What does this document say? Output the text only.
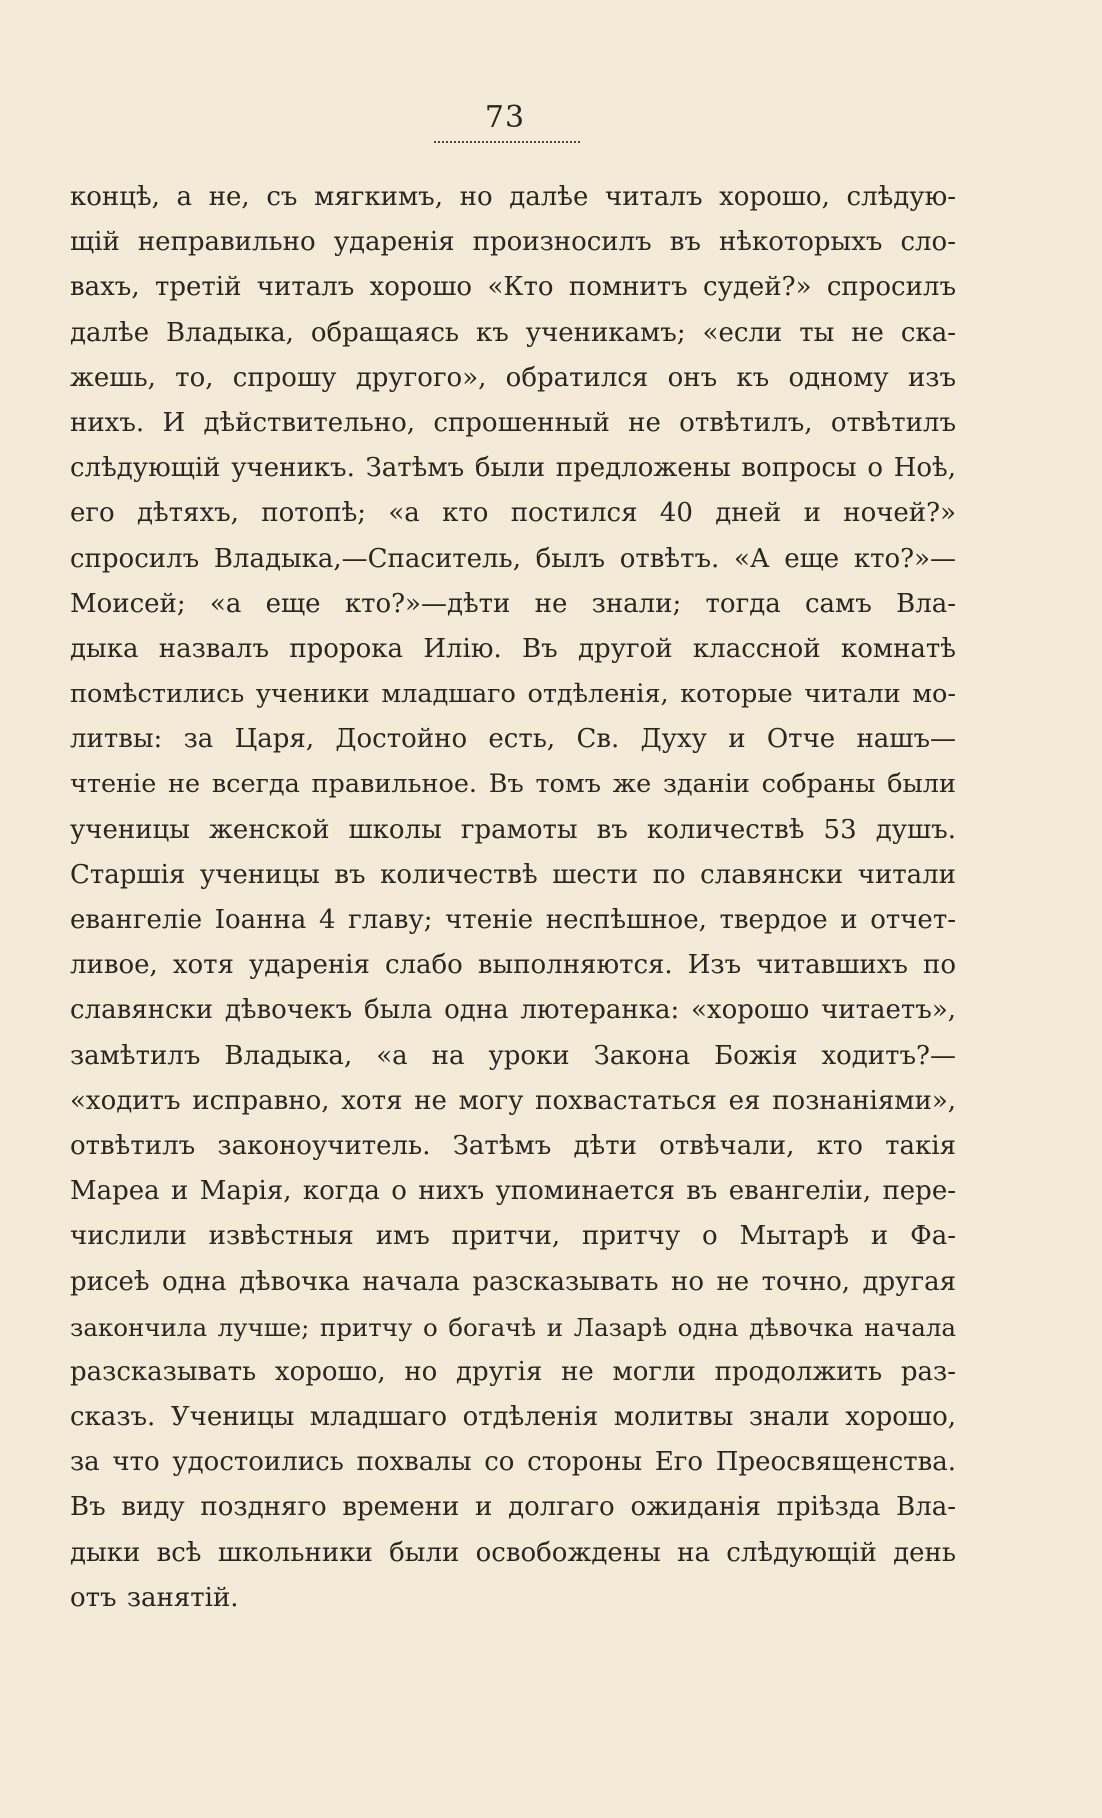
73
концѣ, а не, съ мягкимъ, но далѣе читалъ хорошо, слѣдую-
щій неправильно ударенія произносилъ въ нѣкоторыхъ сло-
вахъ, третій читалъ хорошо «Кто помнитъ судей?» спросилъ
далѣе Владыка, обращаясь къ ученикамъ; «если ты не ска-
жешь, то, спрошу другого», обратился онъ къ одному изъ
нихъ. И дѣйствительно, спрошенный не отвѣтилъ, отвѣтилъ
слѣдующій ученикъ. Затѣмъ были предложены вопросы о Ноѣ,
его дѣтяхъ, потопѣ; «а кто постился 40 дней и ночей?»
спросилъ Владыка,—Спаситель, былъ отвѣтъ. «А еще кто?»—
Моисей; «а еще кто?»—дѣти не знали; тогда самъ Вла-
дыка назвалъ пророка Илію. Въ другой классной комнатѣ
помѣстились ученики младшаго отдѣленія, которые читали мо-
литвы: за Царя, Достойно есть, Св. Духу и Отче нашъ—
чтеніе не всегда правильное. Въ томъ же зданіи собраны были
ученицы женской школы грамоты въ количествѣ 53 душъ.
Старшія ученицы въ количествѣ шести по славянски читали
евангеліе Іоанна 4 главу; чтеніе неспѣшное, твердое и отчет-
ливое, хотя ударенія слабо выполняются. Изъ читавшихъ по
славянски дѣвочекъ была одна лютеранка: «хорошо читаетъ»,
замѣтилъ Владыка, «а на уроки Закона Божія ходитъ?—
«ходитъ исправно, хотя не могу похвастаться ея познаніями»,
отвѣтилъ законоучитель. Затѣмъ дѣти отвѣчали, кто такія
Мареа и Марія, когда о нихъ упоминается въ евангеліи, пере-
числили извѣстныя имъ притчи, притчу о Мытарѣ и Фа-
рисеѣ одна дѣвочка начала разсказывать но не точно, другая
закончила лучше; притчу о богачѣ и Лазарѣ одна дѣвочка начала
разсказывать хорошо, но другія не могли продолжить раз-
сказъ. Ученицы младшаго отдѣленія молитвы знали хорошо,
за что удостоились похвалы со стороны Его Преосвященства.
Въ виду поздняго времени и долгаго ожиданія пріѣзда Вла-
дыки всѣ школьники были освобождены на слѣдующій день
отъ занятій.
